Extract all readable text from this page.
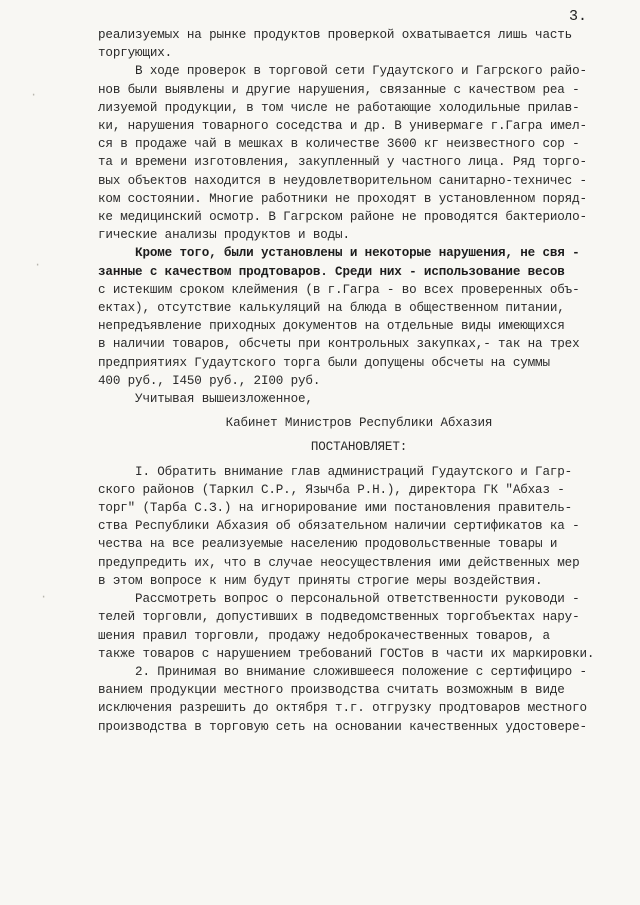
3.
·
·
·
реализуемых на рынке продуктов проверкой охватывается лишь часть
торгующих.
В ходе проверок в торговой сети Гудаутского и Гагрского райо-
нов были выявлены и другие нарушения, связанные с качеством реа -
лизуемой продукции, в том числе не работающие холодильные прилав-
ки, нарушения товарного соседства и др. В универмаге г.Гагра имел-
ся в продаже чай в мешках в количестве 3600 кг неизвестного сор -
та и времени изготовления, закупленный у частного лица. Ряд торго-
вых объектов находится в неудовлетворительном санитарно-техничес -
ком состоянии. Многие работники не проходят в установленном поряд-
ке медицинский осмотр. В Гагрском районе не проводятся бактериоло-
гические анализы продуктов и воды.
Кроме того, были установлены и некоторые нарушения, не свя -
занные с качеством продтоваров. Среди них - использование весов
с истекшим сроком клеймения (в г.Гагра - во всех проверенных объ-
ектах), отсутствие калькуляций на блюда в общественном питании,
непредъявление приходных документов на отдельные виды имеющихся
в наличии товаров, обсчеты при контрольных закупках,- так на трех
предприятиях Гудаутского торга были допущены обсчеты на суммы
400 руб., I450 руб., 2I00 руб.
Учитывая вышеизложенное,
Кабинет Министров Республики Абхазия
ПОСТАНОВЛЯЕТ:
I. Обратить внимание глав администраций Гудаутского и Гагр-
ского районов (Таркил С.Р., Язычба Р.Н.), директора ГК "Абхаз -
торг" (Тарба С.З.) на игнорирование ими постановления правитель-
ства Республики Абхазия об обязательном наличии сертификатов ка -
чества на все реализуемые населению продовольственные товары и
предупредить их, что в случае неосуществления ими действенных мер
в этом вопросе к ним будут приняты строгие меры воздействия.
Рассмотреть вопрос о персональной ответственности руководи -
телей торговли, допустивших в подведомственных торгобъектах нару-
шения правил торговли, продажу недоброкачественных товаров, а
также товаров с нарушением требований ГОСТов в части их маркировки.
2. Принимая во внимание сложившееся положение с сертифициро -
ванием продукции местного производства считать возможным в виде
исключения разрешить до октября т.г. отгрузку продтоваров местного
производства в торговую сеть на основании качественных удостовере-
